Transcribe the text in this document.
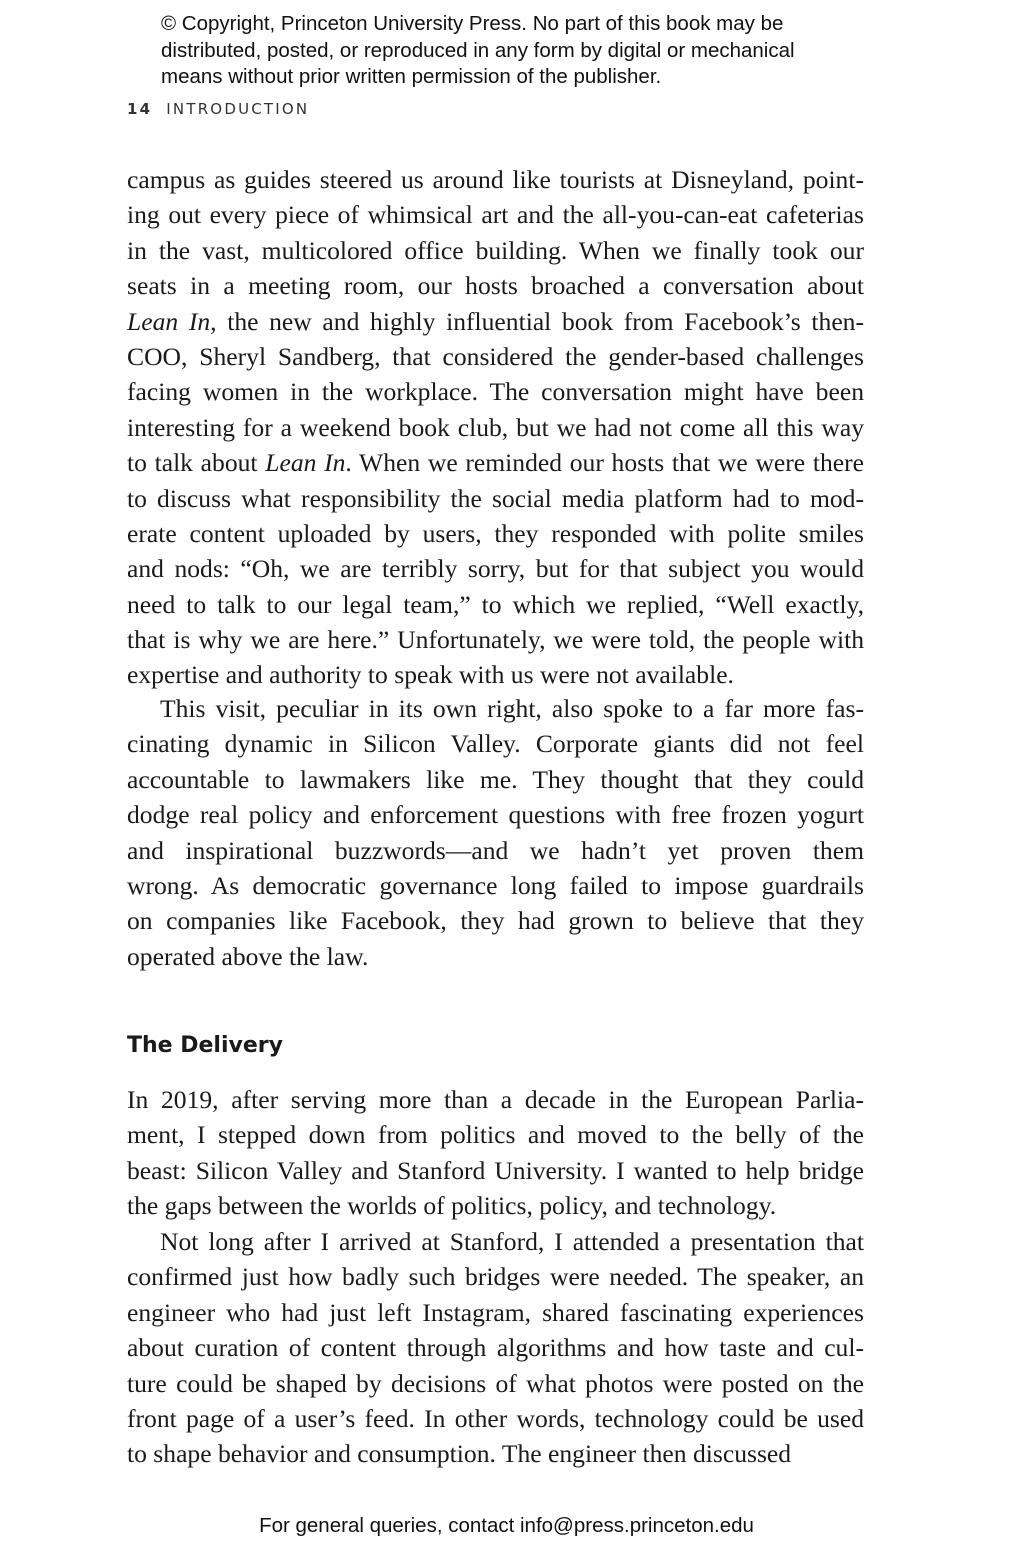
© Copyright, Princeton University Press. No part of this book may be
distributed, posted, or reproduced in any form by digital or mechanical
means without prior written permission of the publisher.
14 INTRODUCTION
campus as guides steered us around like tourists at Disneyland, point-
ing out every piece of whimsical art and the all-you-can-eat cafeterias
in the vast, multicolored office building. When we finally took our
seats in a meeting room, our hosts broached a conversation about
Lean In, the new and highly influential book from Facebook’s then-
COO, Sheryl Sandberg, that considered the gender-based challenges
facing women in the workplace. The conversation might have been
interesting for a weekend book club, but we had not come all this way
to talk about Lean In. When we reminded our hosts that we were there
to discuss what responsibility the social media platform had to mod-
erate content uploaded by users, they responded with polite smiles
and nods: “Oh, we are terribly sorry, but for that subject you would
need to talk to our legal team,” to which we replied, “Well exactly,
that is why we are here.” Unfortunately, we were told, the people with
expertise and authority to speak with us were not available.
This visit, peculiar in its own right, also spoke to a far more fas-
cinating dynamic in Silicon Valley. Corporate giants did not feel
accountable to lawmakers like me. They thought that they could
dodge real policy and enforcement questions with free frozen yogurt
and inspirational buzzwords—and we hadn’t yet proven them
wrong. As democratic governance long failed to impose guardrails
on companies like Facebook, they had grown to believe that they
operated above the law.
The Delivery
In 2019, after serving more than a decade in the European Parlia-
ment, I stepped down from politics and moved to the belly of the
beast: Silicon Valley and Stanford University. I wanted to help bridge
the gaps between the worlds of politics, policy, and technology.
Not long after I arrived at Stanford, I attended a presentation that
confirmed just how badly such bridges were needed. The speaker, an
engineer who had just left Instagram, shared fascinating experiences
about curation of content through algorithms and how taste and cul-
ture could be shaped by decisions of what photos were posted on the
front page of a user’s feed. In other words, technology could be used
to shape behavior and consumption. The engineer then discussed
For general queries, contact info@press.princeton.edu
